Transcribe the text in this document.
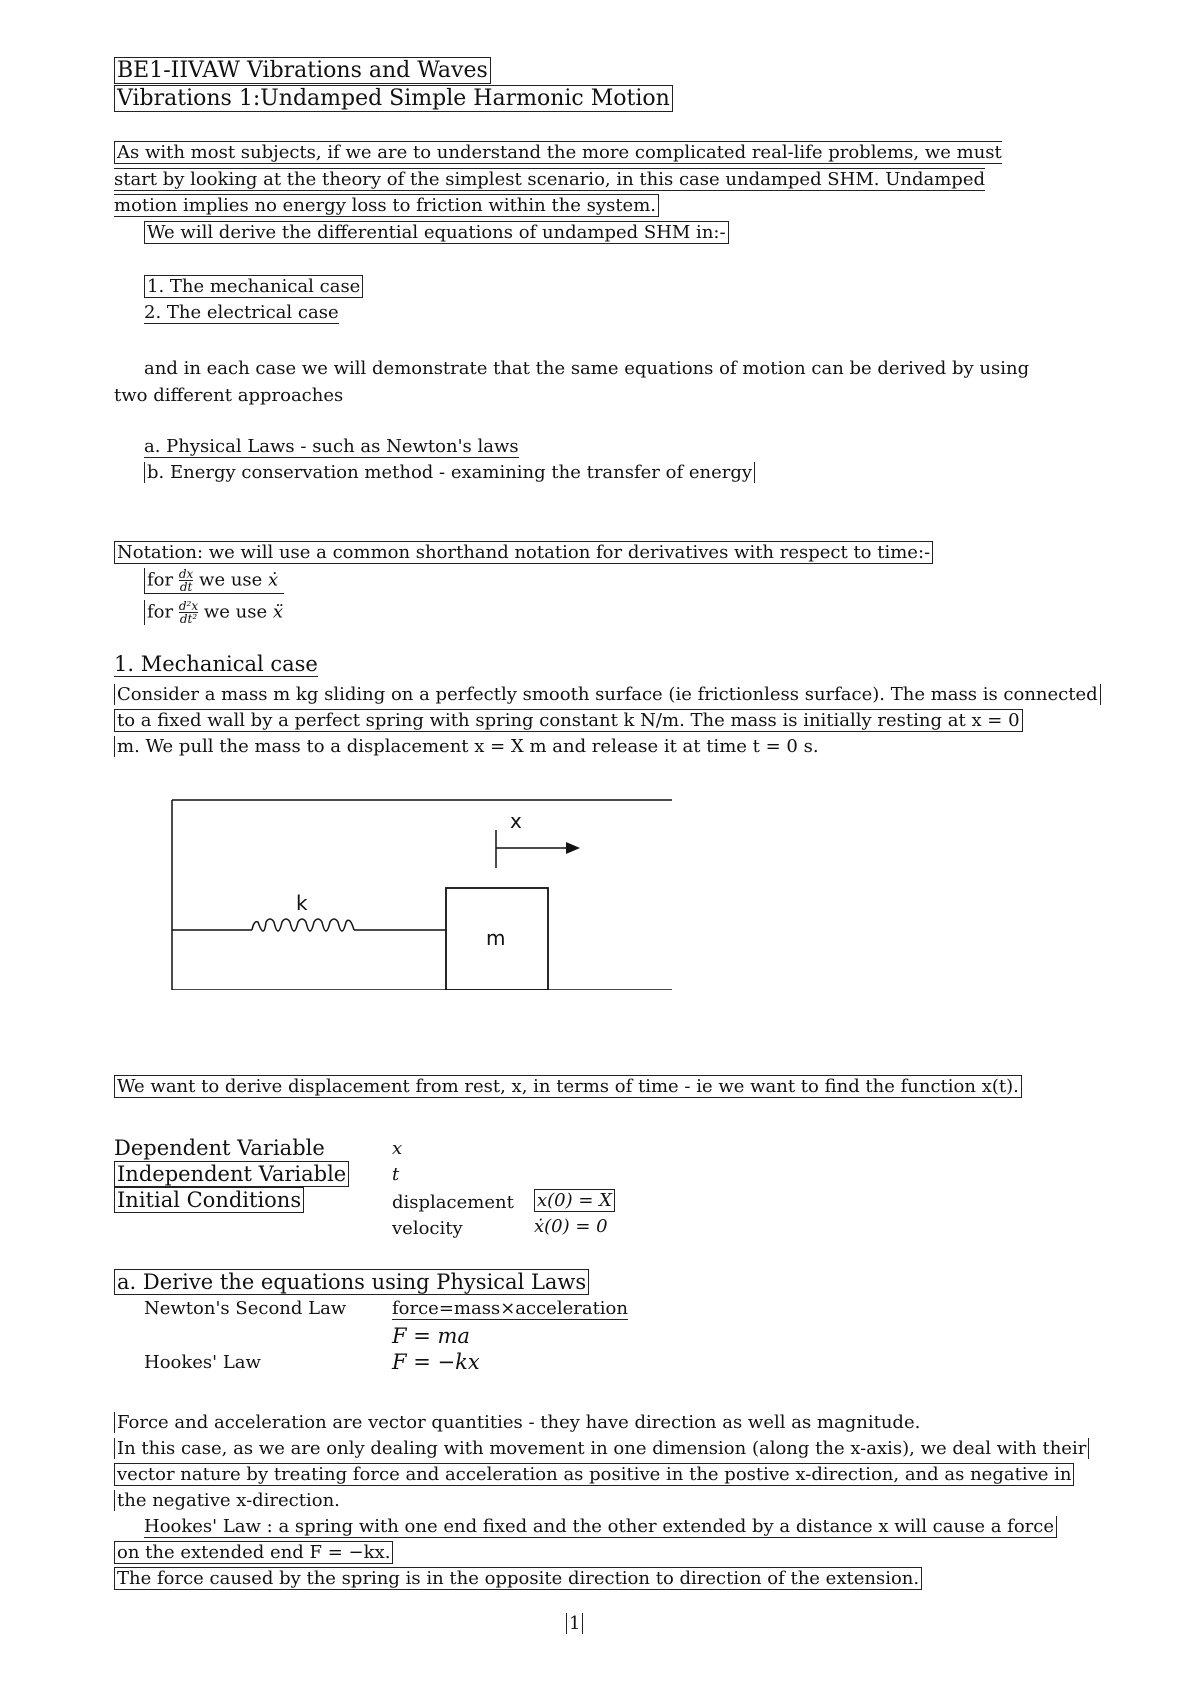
BE1-IIVAW Vibrations and Waves
Vibrations 1:Undamped Simple Harmonic Motion
As with most subjects, if we are to understand the more complicated real-life problems, we must start by looking at the theory of the simplest scenario, in this case undamped SHM. Undamped motion implies no energy loss to friction within the system.
We will derive the differential equations of undamped SHM in:-
1. The mechanical case
2. The electrical case
and in each case we will demonstrate that the same equations of motion can be derived by using two different approaches
a. Physical Laws - such as Newton's laws
b. Energy conservation method - examining the transfer of energy
Notation: we will use a common shorthand notation for derivatives with respect to time:-
for $\frac{dx}{dt}$ we use ẋ
for $\frac{\text{d²x}}{\text{dt²}}$ we use ẍ
1. Mechanical case
Consider a mass m kg sliding on a perfectly smooth surface (ie frictionless surface). The mass is connected
to a fixed wall by a perfect spring with spring constant k N/m. The mass is initially resting at x = 0
m. We pull the mass to a displacement x = X m and release it at time t = 0 s.
x
k
m
We want to derive displacement from rest, x, in terms of time - ie we want to find the function x(t).
Dependent Variable	x
Independent Variable	t
Initial Conditions	displacement x(0) = X
velocity	ẋ(0) = 0
a. Derive the equations using Physical Laws
Newton's Second Law	force=mass×acceleration
F = ma
Hookes' Law	F = −kx
Force and acceleration are vector quantities - they have direction as well as magnitude.
In this case, as we are only dealing with movement in one dimension (along the x-axis), we deal with their
vector nature by treating force and acceleration as positive in the postive x-direction, and as negative in
the negative x-direction.
Hookes' Law : a spring with one end fixed and the other extended by a distance x will cause a force
on the extended end F = −kx.
The force caused by the spring is in the opposite direction to direction of the extension.
1
